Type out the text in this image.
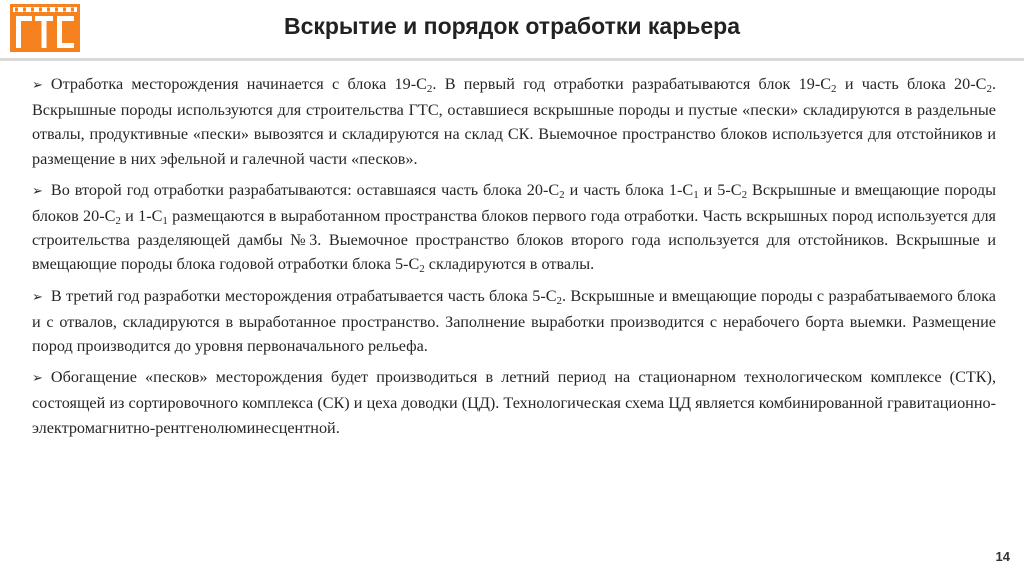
Вскрытие и порядок отработки карьера

➢ Отработка месторождения начинается с блока $19-С_2$. В первый год отработки разрабатываются блок $19-С_2$ и часть блока $20-С_2$. Вскрышные породы используются для строительства ГТС, оставшиеся вскрышные породы и пустые «пески» складируются в раздельные отвалы, продуктивные «пески» вывозятся и складируются на склад СК. Выемочное пространство блоков используется для отстойников и размещение в них эфельной и галечной части «песков».

➢ Во второй год отработки разрабатываются: оставшаяся часть блока $20-С_2$ и часть блока $1-С_1$ и $5-С_2$ Вскрышные и вмещающие породы блоков $20-С_2$ и $1-С_1$ размещаются в выработанном пространства блоков первого года отработки. Часть вскрышных пород используется для строительства разделяющей дамбы №3. Выемочное пространство блоков второго года используется для отстойников. Вскрышные и вмещающие породы блока годовой отработки блока $5-С_2$ складируются в отвалы.

➢ В третий год разработки месторождения отрабатывается часть блока $5-С_2$. Вскрышные и вмещающие породы с разрабатываемого блока и с отвалов, складируются в выработанное пространство. Заполнение выработки производится с нерабочего борта выемки. Размещение пород производится до уровня первоначального рельефа.

➢ Обогащение «песков» месторождения будет производиться в летний период на стационарном технологическом комплексе (СТК), состоящей из сортировочного комплекса (СК) и цеха доводки (ЦД). Технологическая схема ЦД является комбинированной гравитационно-электромагнитно-рентгенолюминесцентной.

14
